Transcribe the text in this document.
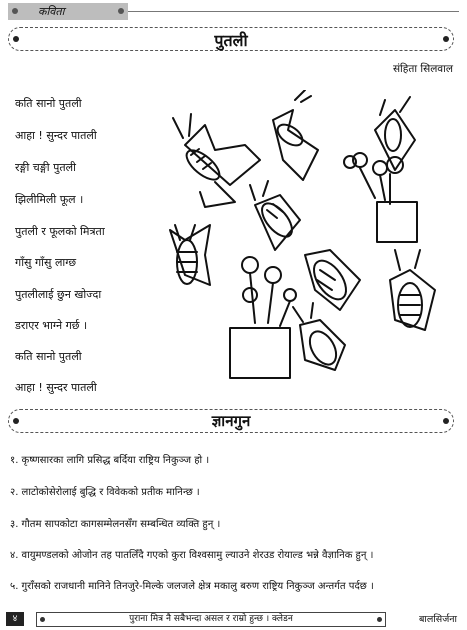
कविता
पुतली
संहिता सिलवाल
कति सानो पुतली
आहा ! सुन्दर पातली
रङ्गी चङ्गी पुतली
झिलीमिली फूल ।
पुतली र फूलको मित्रता
गाँसु गाँसु लाग्छ
पुतलीलाई छुन खोज्दा
डराएर भाग्ने गर्छ ।
कति सानो पुतली
आहा ! सुन्दर पातली
ज्ञानगुन
१. कृष्णसारका लागि प्रसिद्ध बर्दिया राष्ट्रिय निकुञ्ज हो ।
२. लाटोकोसेरोलाई बुद्धि र विवेकको प्रतीक मानिन्छ ।
३. गौतम सापकोटा कागसम्मेलनसँग सम्बन्धित व्यक्ति हुन् ।
४. वायुमण्डलको ओजोन तह पातलिँदै गएको कुरा विश्वसामु ल्याउने शेरउड रोयाल्ड भन्ने वैज्ञानिक हुन् ।
५. गुराँसको राजधानी मानिने तिनजुरे-मिल्के जलजले क्षेत्र मकालु बरुण राष्ट्रिय निकुञ्ज अन्तर्गत पर्दछ ।
४	पुराना मित्र नै सबैभन्दा असल र राम्रो हुन्छ । क्लेडन	बालसिर्जना
